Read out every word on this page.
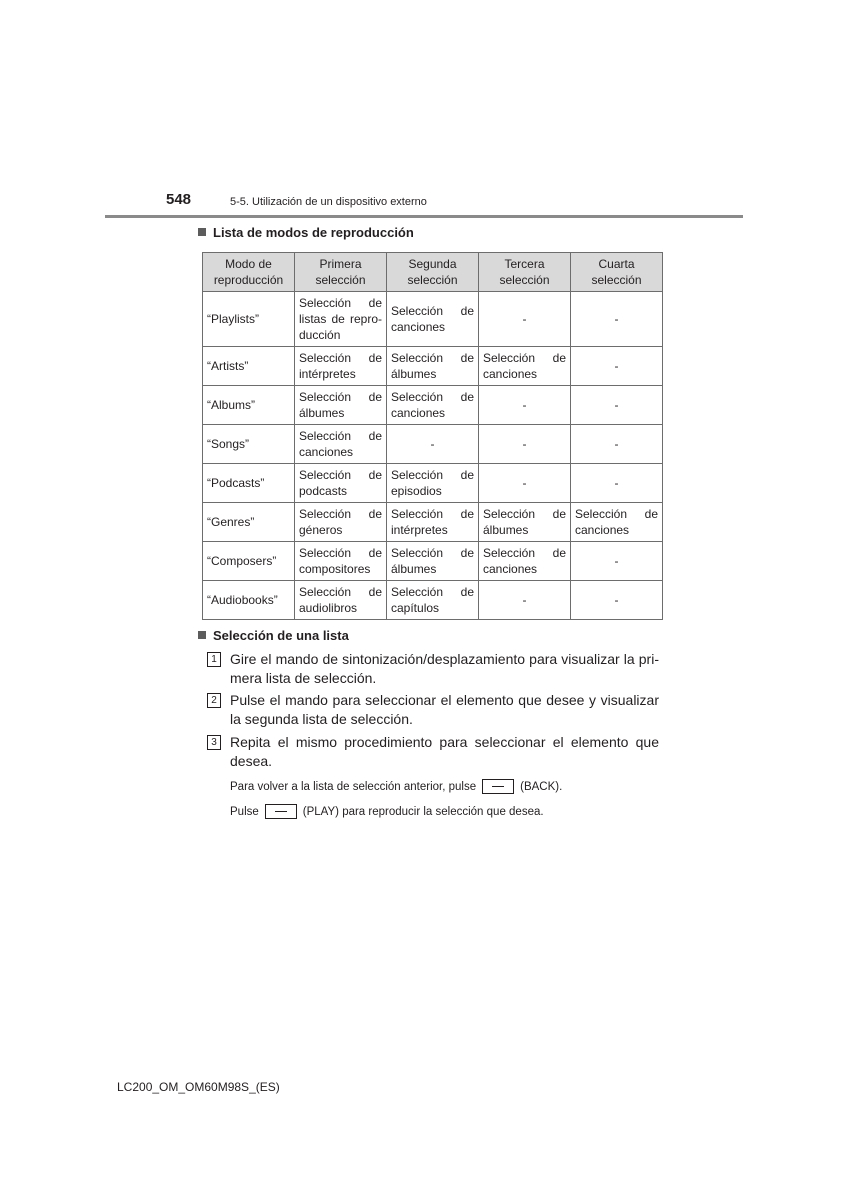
548	5-5. Utilización de un dispositivo externo
Lista de modos de reproducción
Modo de reproducción	Primera selección	Segunda selección	Tercera selección	Cuarta selección
“Playlists”	Selección de listas de reproducción	Selección de canciones	-	-
“Artists”	Selección de intérpretes	Selección de álbumes	Selección de canciones	-
“Albums”	Selección de álbumes	Selección de canciones	-	-
“Songs”	Selección de canciones	-	-	-
“Podcasts”	Selección de podcasts	Selección de episodios	-	-
“Genres”	Selección de géneros	Selección de intérpretes	Selección de álbumes	Selección de canciones
“Composers”	Selección de compositores	Selección de álbumes	Selección de canciones	-
“Audiobooks”	Selección de audiolibros	Selección de capítulos	-	-
Selección de una lista
1 Gire el mando de sintonización/desplazamiento para visualizar la primera lista de selección.
2 Pulse el mando para seleccionar el elemento que desee y visualizar la segunda lista de selección.
3 Repita el mismo procedimiento para seleccionar el elemento que desea.
Para volver a la lista de selección anterior, pulse	(BACK).
Pulse	(PLAY) para reproducir la selección que desea.
LC200_OM_OM60M98S_(ES)
